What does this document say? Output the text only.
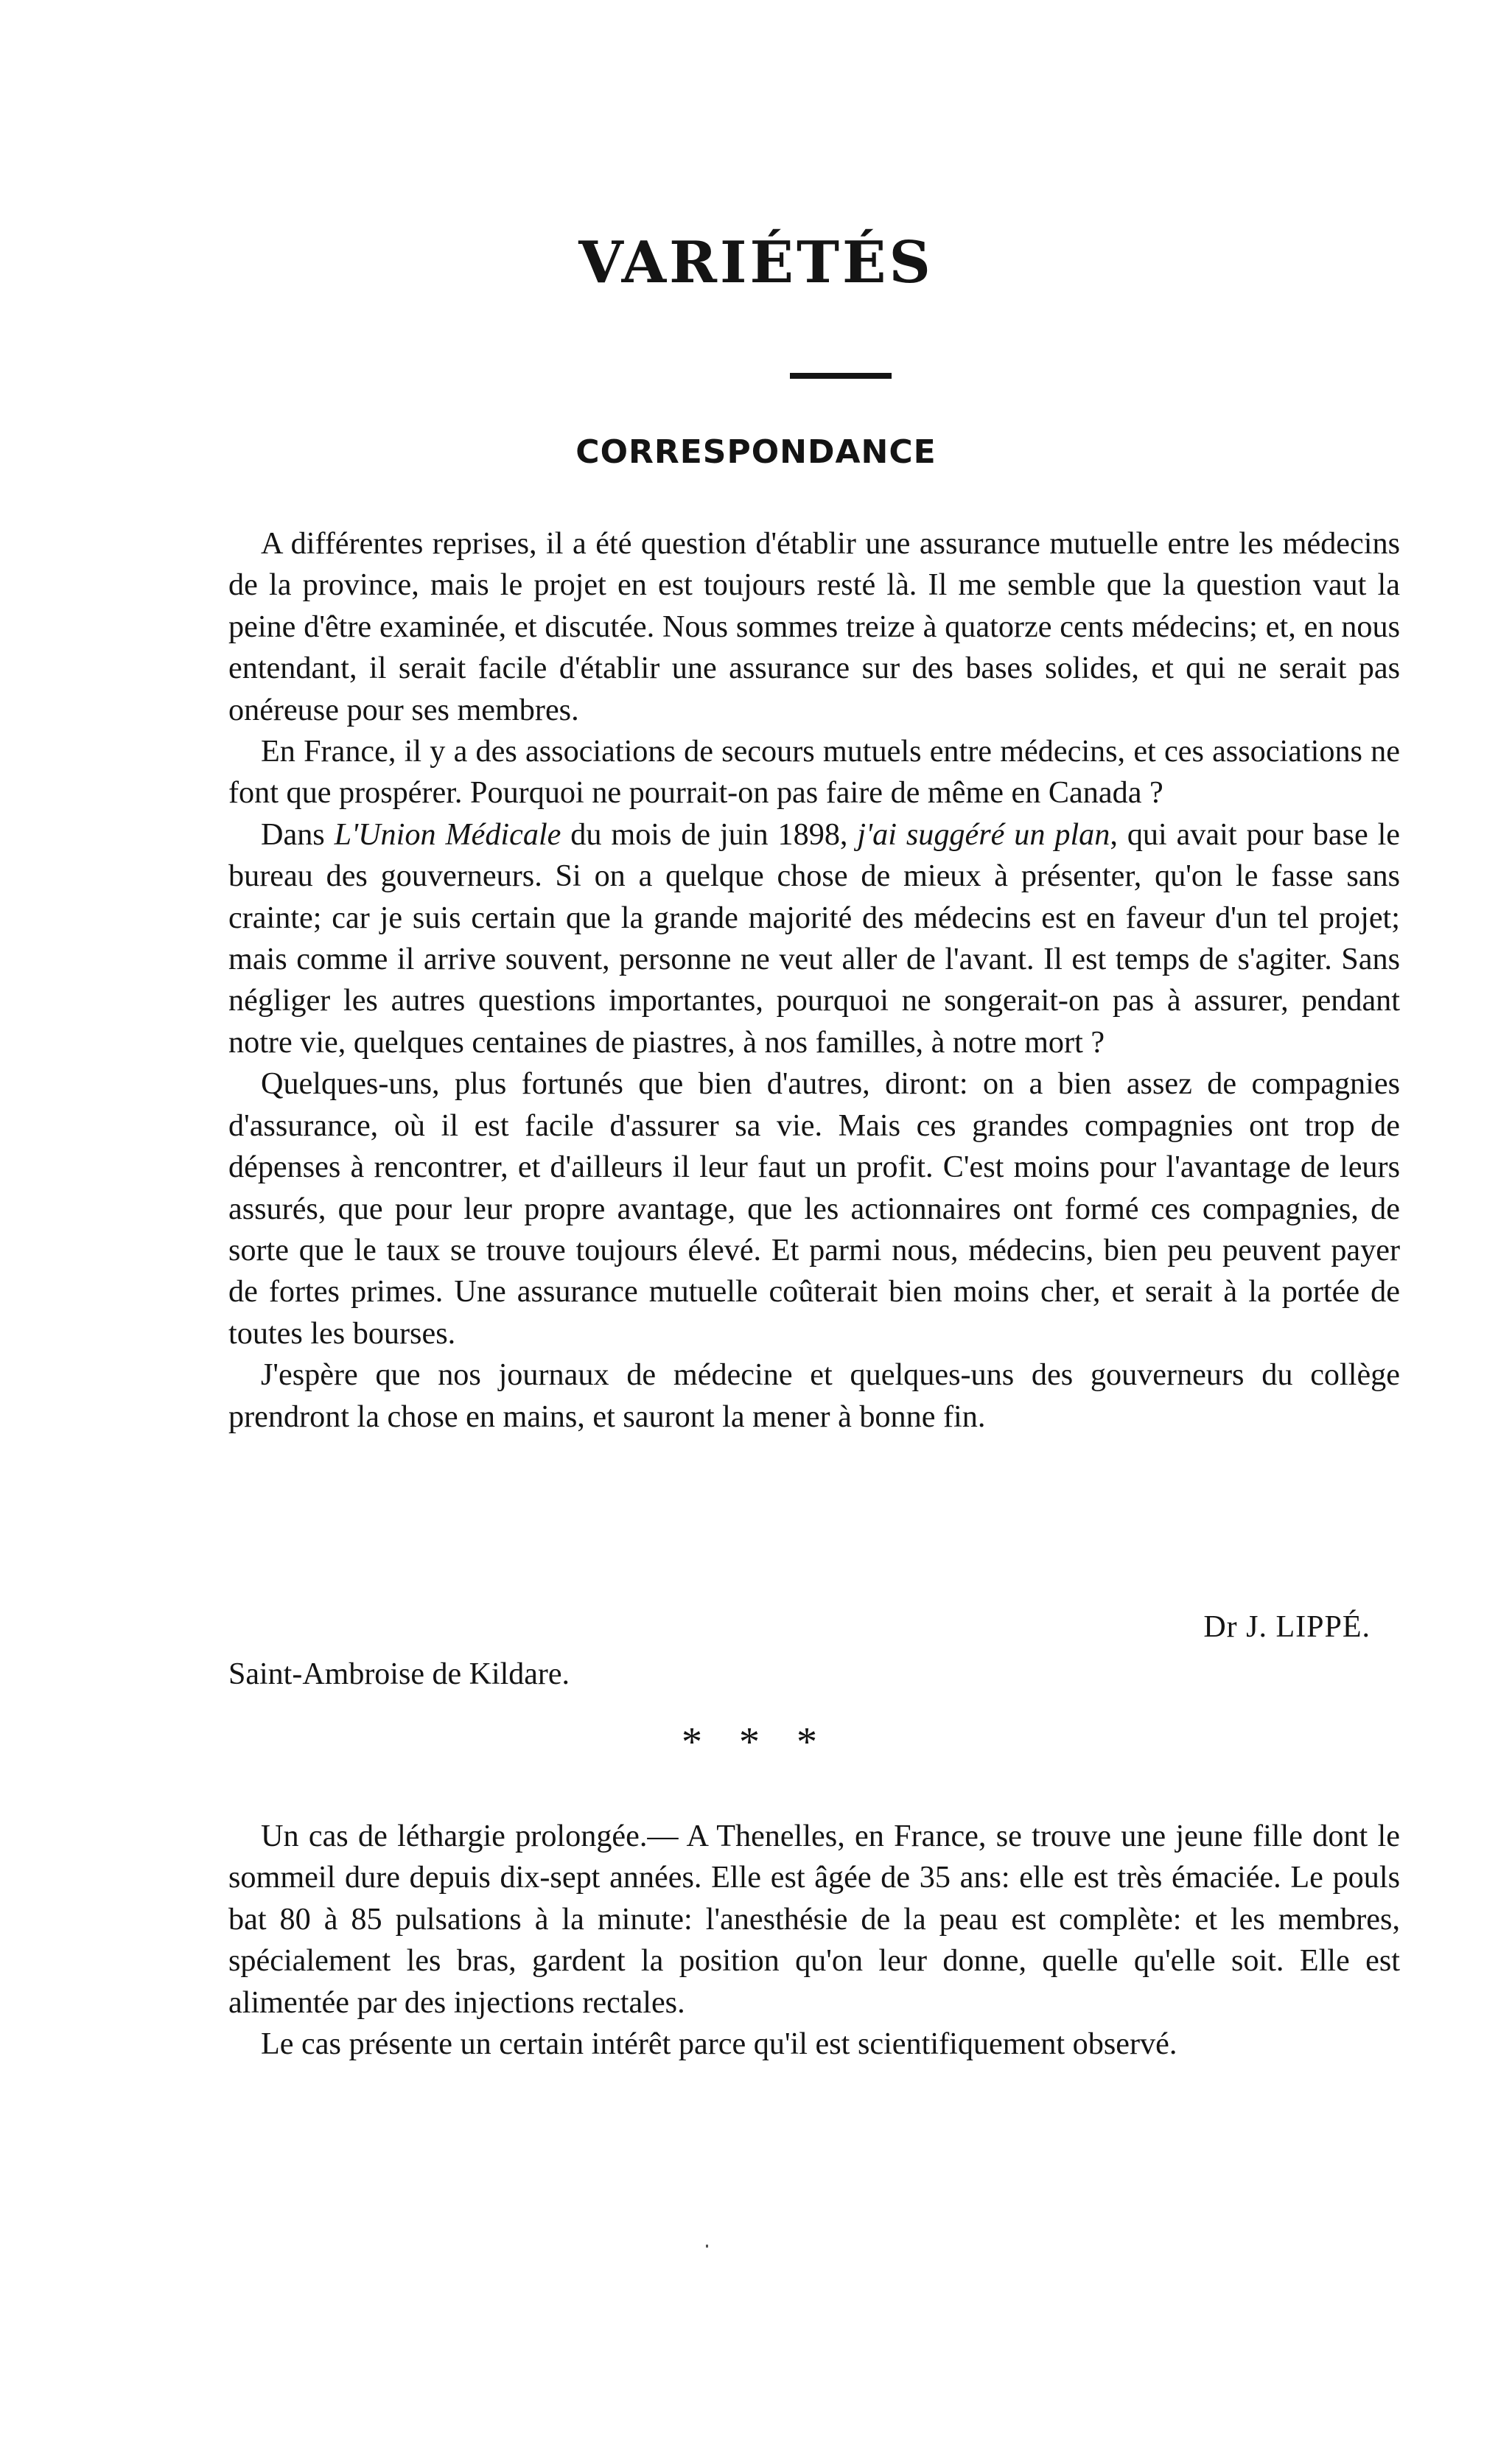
VARIÉTÉS
CORRESPONDANCE

A différentes reprises, il a été question d'établir une assurance mutuelle entre les médecins de la province, mais le projet en est toujours resté là. Il me semble que la question vaut la peine d'être examinée, et discutée. Nous sommes treize à quatorze cents médecins; et, en nous entendant, il serait facile d'établir une assurance sur des bases solides, et qui ne serait pas onéreuse pour ses membres.

En France, il y a des associations de secours mutuels entre médecins, et ces associations ne font que prospérer. Pourquoi ne pourrait-on pas faire de même en Canada ?

Dans L'Union Médicale du mois de juin 1898, j'ai suggéré un plan, qui avait pour base le bureau des gouverneurs. Si on a quelque chose de mieux à présenter, qu'on le fasse sans crainte; car je suis certain que la grande majorité des médecins est en faveur d'un tel projet; mais comme il arrive souvent, personne ne veut aller de l'avant. Il est temps de s'agiter. Sans négliger les autres questions importantes, pourquoi ne songerait-on pas à assurer, pendant notre vie, quelques centaines de piastres, à nos familles, à notre mort ?

Quelques-uns, plus fortunés que bien d'autres, diront: on a bien assez de compagnies d'assurance, où il est facile d'assurer sa vie. Mais ces grandes compagnies ont trop de dépenses à rencontrer, et d'ailleurs il leur faut un profit. C'est moins pour l'avantage de leurs assurés, que pour leur propre avantage, que les actionnaires ont formé ces compagnies, de sorte que le taux se trouve toujours élevé. Et parmi nous, médecins, bien peu peuvent payer de fortes primes. Une assurance mutuelle coûterait bien moins cher, et serait à la portée de toutes les bourses.

J'espère que nos journaux de médecine et quelques-uns des gouverneurs du collège prendront la chose en mains, et sauront la mener à bonne fin.

Dr J. LIPPÉ.
Saint-Ambroise de Kildare.
* * *

Un cas de léthargie prolongée.— A Thenelles, en France, se trouve une jeune fille dont le sommeil dure depuis dix-sept années. Elle est âgée de 35 ans: elle est très émaciée. Le pouls bat 80 à 85 pulsations à la minute: l'anesthésie de la peau est complète: et les membres, spécialement les bras, gardent la position qu'on leur donne, quelle qu'elle soit. Elle est alimentée par des injections rectales.

Le cas présente un certain intérêt parce qu'il est scientifiquement observé.
